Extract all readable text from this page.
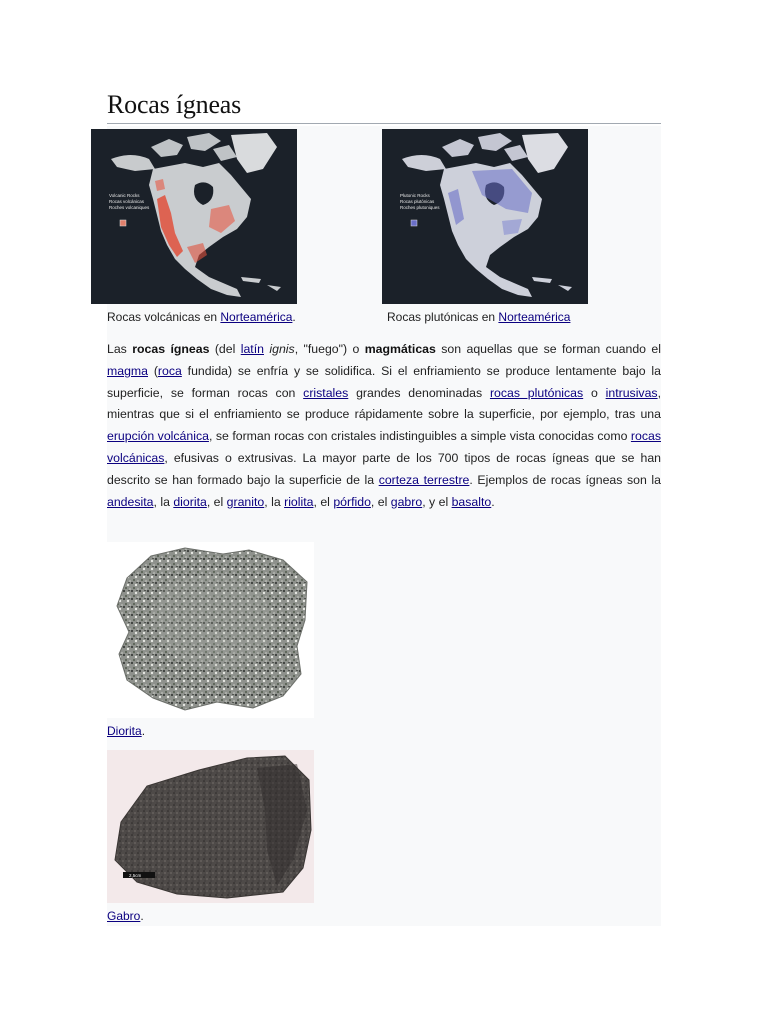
Rocas ígneas
Volcanic Rocks
Rocas volcánicas
Roches volcaniques
Plutonic Rocks
Rocas plutónicas
Roches plutoniques
Rocas volcánicas en Norteamérica.	Rocas plutónicas en Norteamérica

Las rocas ígneas (del latín ignis, "fuego") o magmáticas son aquellas que se forman cuando el magma (roca fundida) se enfría y se solidifica. Si el enfriamiento se produce lentamente bajo la superficie, se forman rocas con cristales grandes denominadas rocas plutónicas o intrusivas, mientras que si el enfriamiento se produce rápidamente sobre la superficie, por ejemplo, tras una erupción volcánica, se forman rocas con cristales indistinguibles a simple vista conocidas como rocas volcánicas, efusivas o extrusivas. La mayor parte de los 700 tipos de rocas ígneas que se han descrito se han formado bajo la superficie de la corteza terrestre. Ejemplos de rocas ígneas son la andesita, la diorita, el granito, la riolita, el pórfido, el gabro, y el basalto.

Diorita.
2,5cm
Gabro.
